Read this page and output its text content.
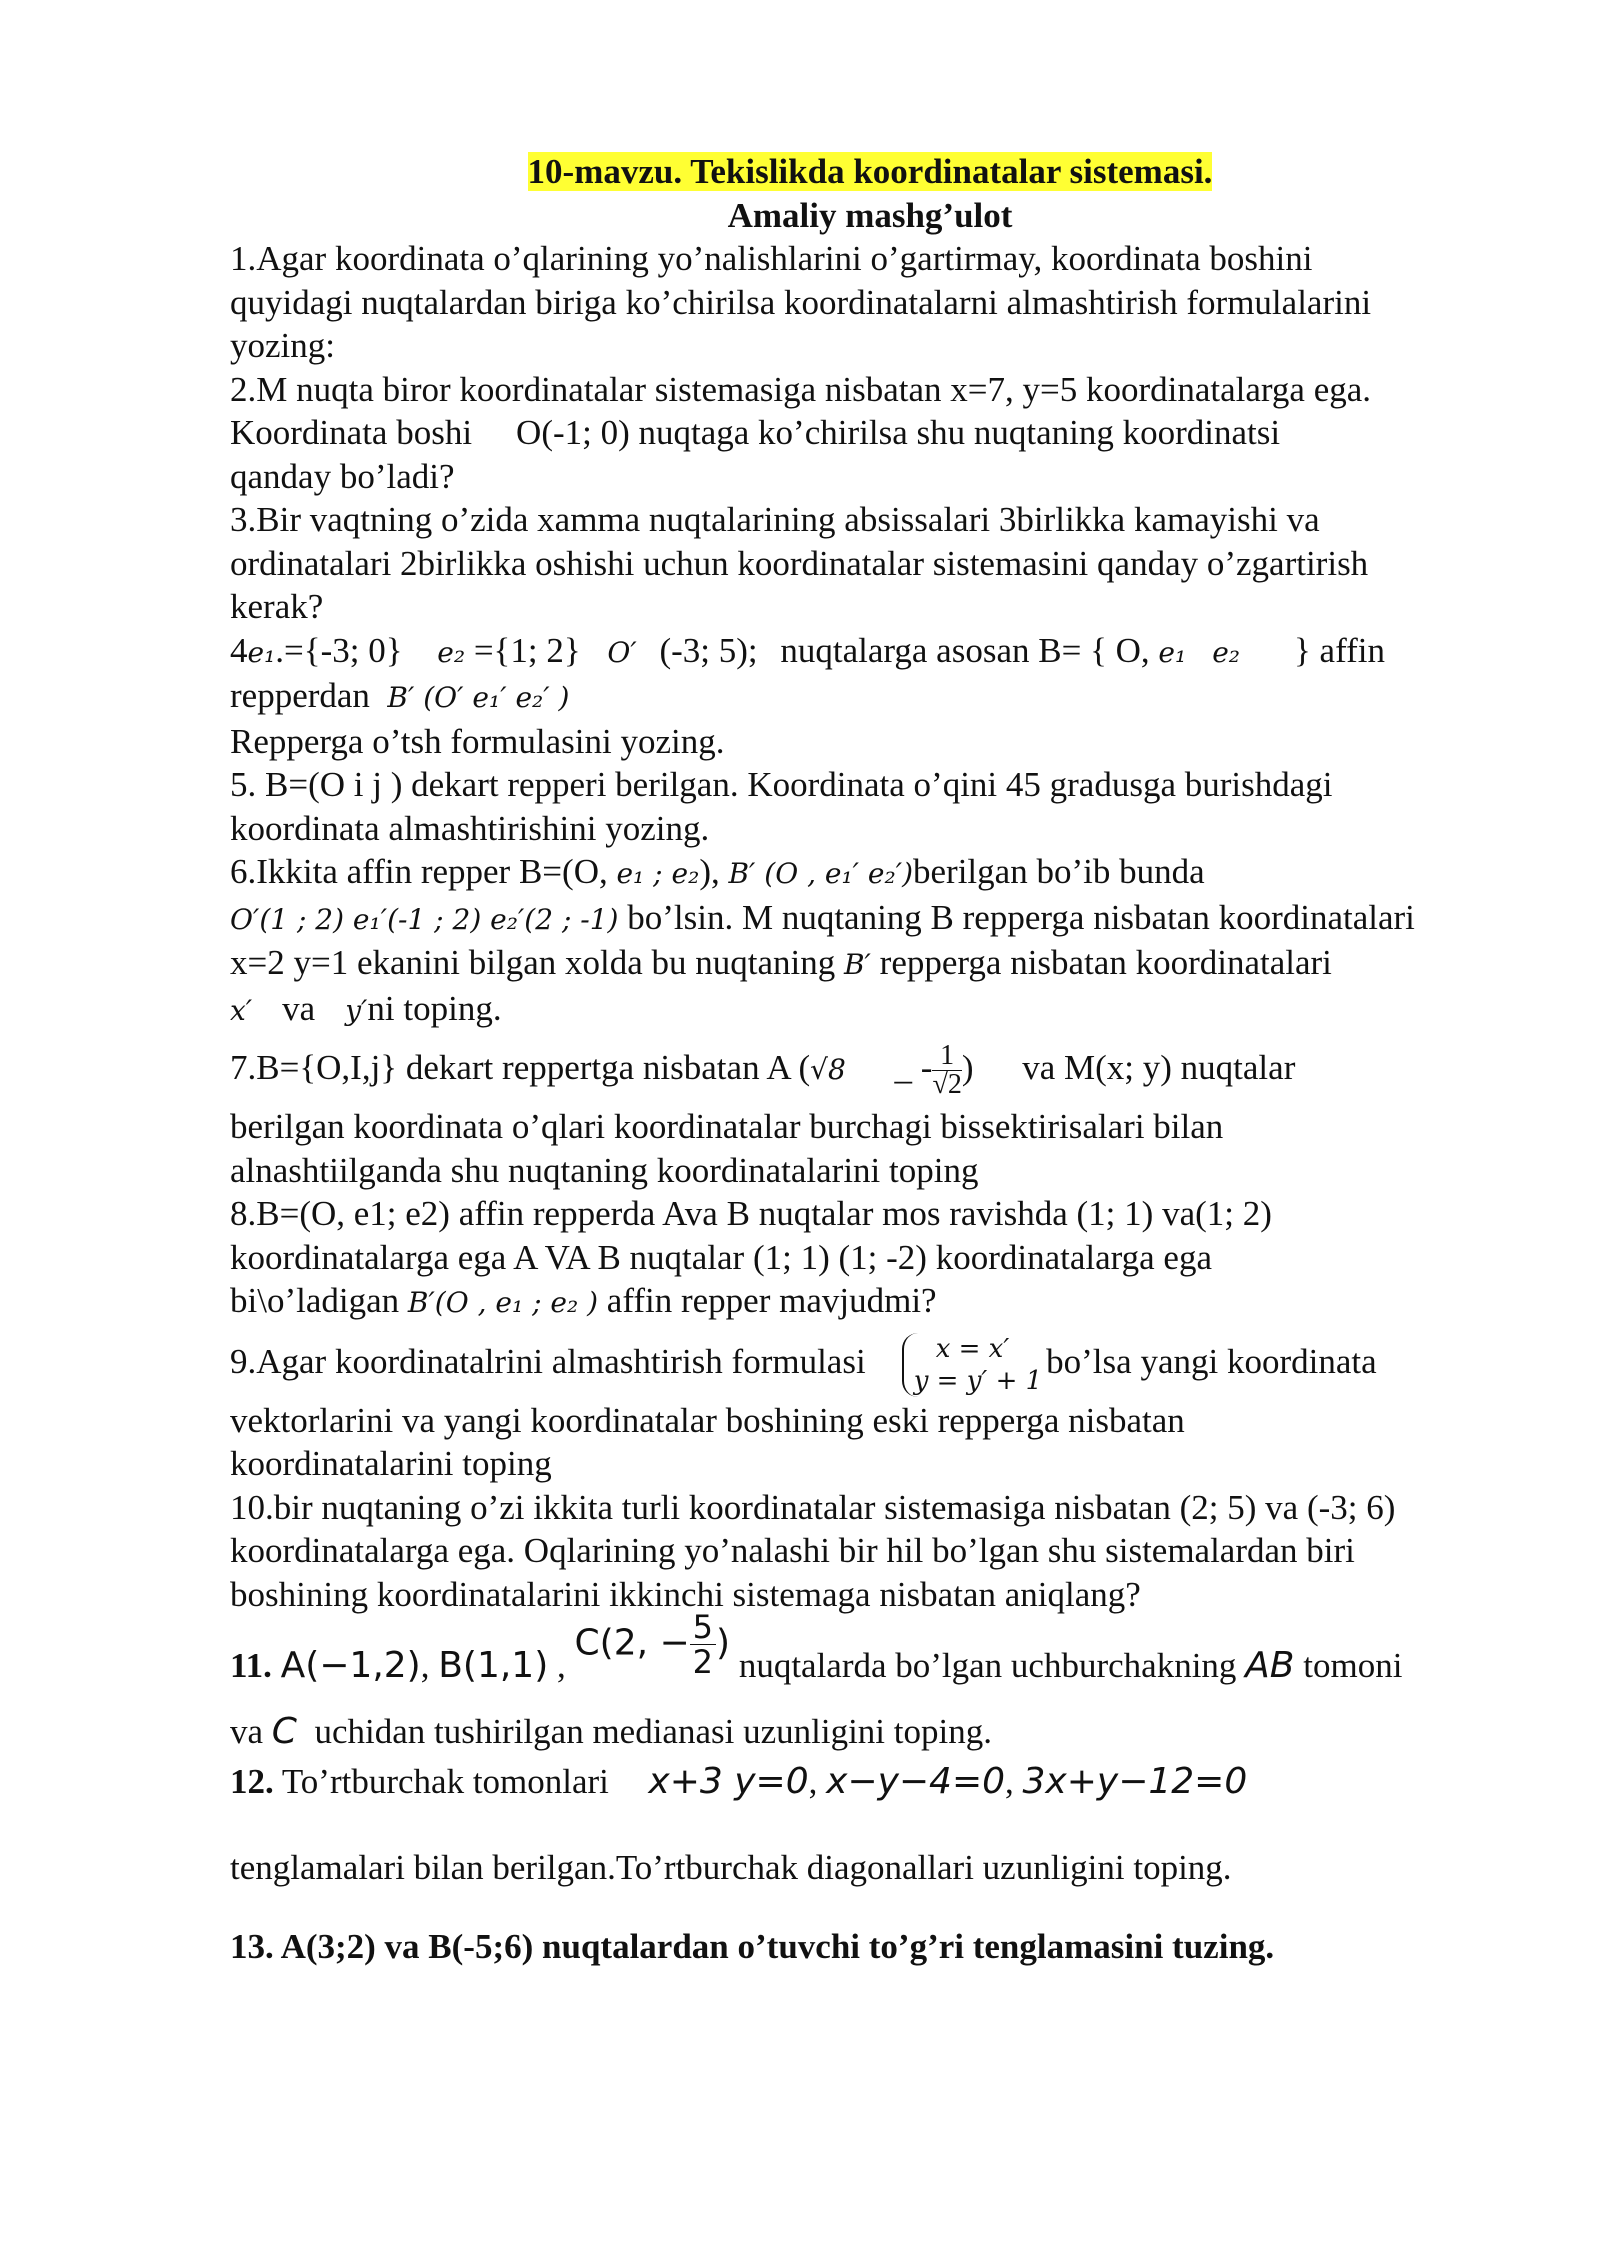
10-mavzu. Tekislikda koordinatalar sistemasi.

Amaliy mashg’ulot

1.Agar koordinata o’qlarining yo’nalishlarini o’gartirmay, koordinata boshini

quyidagi nuqtalardan biriga ko’chirilsa koordinatalarni almashtirish formulalarini

yozing:

2.M nuqta biror koordinatalar sistemasiga nisbatan x=7, y=5 koordinatalarga ega.

Koordinata boshi O(-1; 0) nuqtaga ko’chirilsa shu nuqtaning koordinatsi

qanday bo’ladi?

3.Bir vaqtning o’zida xamma nuqtalarining absissalari 3birlikka kamayishi va

ordinatalari 2birlikka oshishi uchun koordinatalar sistemasini qanday o’zgartirish

kerak?

4e₁.={-3; 0} e₂ ={1; 2} O′ (-3; 5); nuqtalarga asosan B= { O, e₁ e₂ } affin

repperdan B′ (O′ e₁′ e₂′ )

Repperga o’tsh formulasini yozing.

5. B=(O i j ) dekart repperi berilgan. Koordinata o’qini 45 gradusga burishdagi

koordinata almashtirishini yozing.

6.Ikkita affin repper B=(O, e₁ ; e₂), B′ (O , e₁′ e₂′)berilgan bo’ib bunda

O′(1 ; 2) e₁′(-1 ; 2) e₂′(2 ; -1) bo’lsin. M nuqtaning B repperga nisbatan koordinatalari

x=2 y=1 ekanini bilgan xolda bu nuqtaning B′ repperga nisbatan koordinatalari

x′ va y′ni toping.

7.B={O,I,j} dekart reppertga nisbatan A (√8 _ - $\frac{1}{√2}$ ) va M(x; y) nuqtalar

berilgan koordinata o’qlari koordinatalar burchagi bissektirisalari bilan

alnashtiilganda shu nuqtaning koordinatalarini toping

8.B=(O, e1; e2) affin repperda Ava B nuqtalar mos ravishda (1; 1) va(1; 2)

koordinatalarga ega A VA B nuqtalar (1; 1) (1; -2) koordinatalarga ega

bi\o’ladigan B′(O , e₁ ; e₂ ) affin repper mavjudmi?

9.Agar koordinatalrini almashtirish formulasi	x = x′
y = y′ + 1 bo’lsa yangi koordinata

vektorlarini va yangi koordinatalar boshining eski repperga nisbatan

koordinatalarini toping

10.bir nuqtaning o’zi ikkita turli koordinatalar sistemasiga nisbatan (2; 5) va (-3; 6)

koordinatalarga ega. Oqlarining yo’nalashi bir hil bo’lgan shu sistemalardan biri

boshining koordinatalarini ikkinchi sistemaga nisbatan aniqlang?

11. A(−1,2), B(1,1) , C(2, − $\frac{5}{2}$ ) nuqtalarda bo’lgan uchburchakning AB tomoni

va C uchidan tushirilgan medianasi uzunligini toping.

12. To’rtburchak tomonlari x+3 y=0, x−y−4=0, 3x+y−12=0

tenglamalari bilan berilgan.To’rtburchak diagonallari uzunligini toping.

13. A(3;2) va B(-5;6) nuqtalardan o’tuvchi to’g’ri tenglamasini tuzing.
